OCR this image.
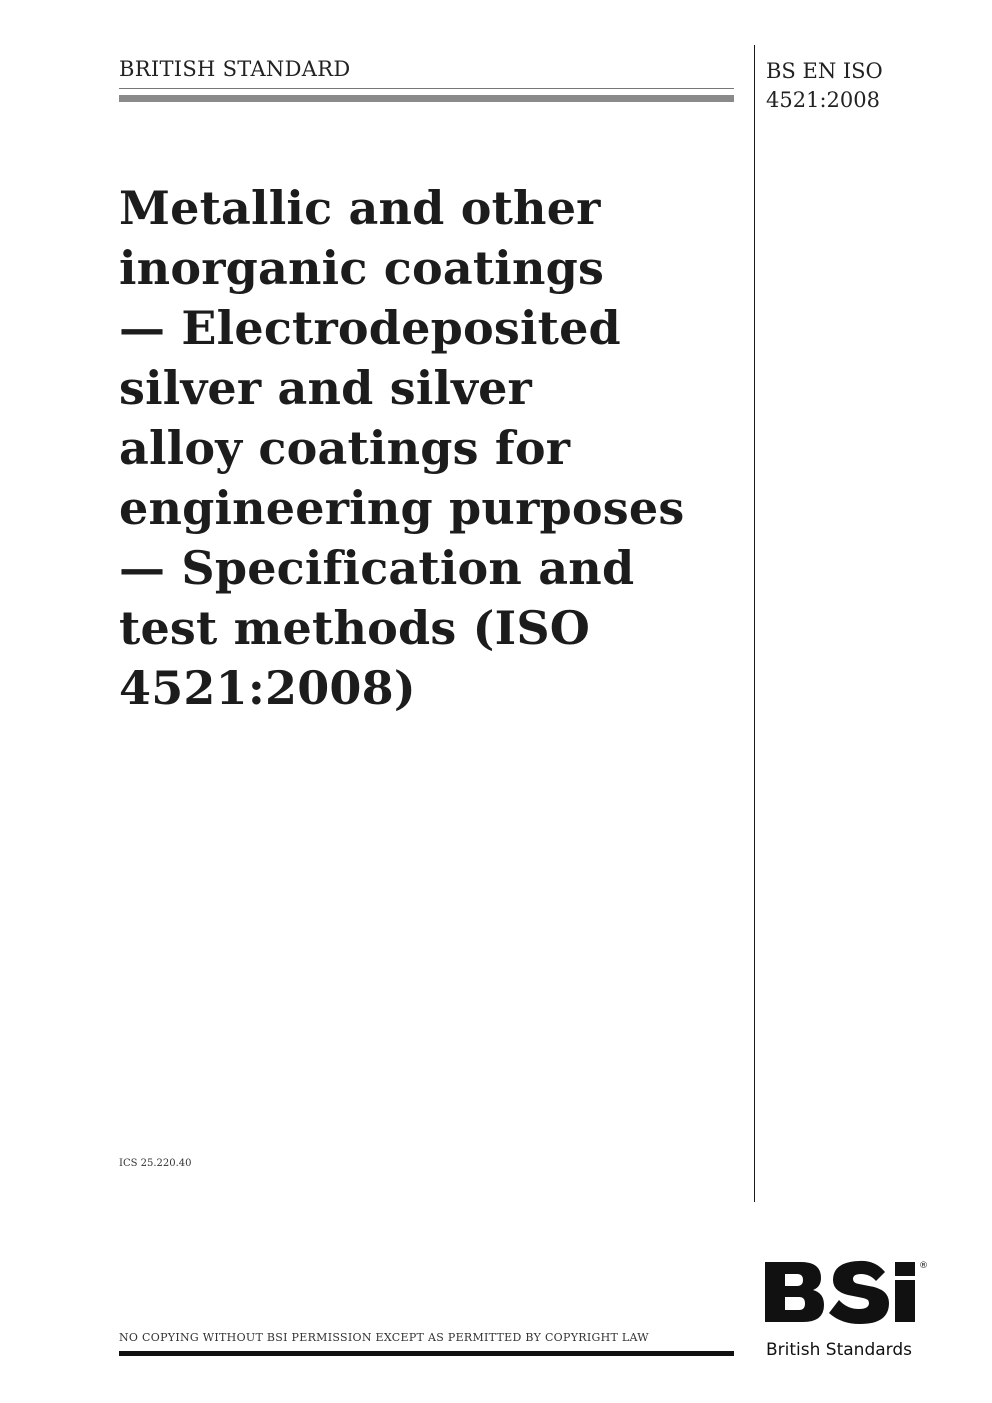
BRITISH STANDARD	BS EN ISO
4521:2008
Metallic and other
inorganic coatings
— Electrodeposited
silver and silver
alloy coatings for
engineering purposes
— Specification and
test methods (ISO
4521:2008)
ICS 25.220.40
NO COPYING WITHOUT BSI PERMISSION EXCEPT AS PERMITTED BY COPYRIGHT LAW
®
British Standards
